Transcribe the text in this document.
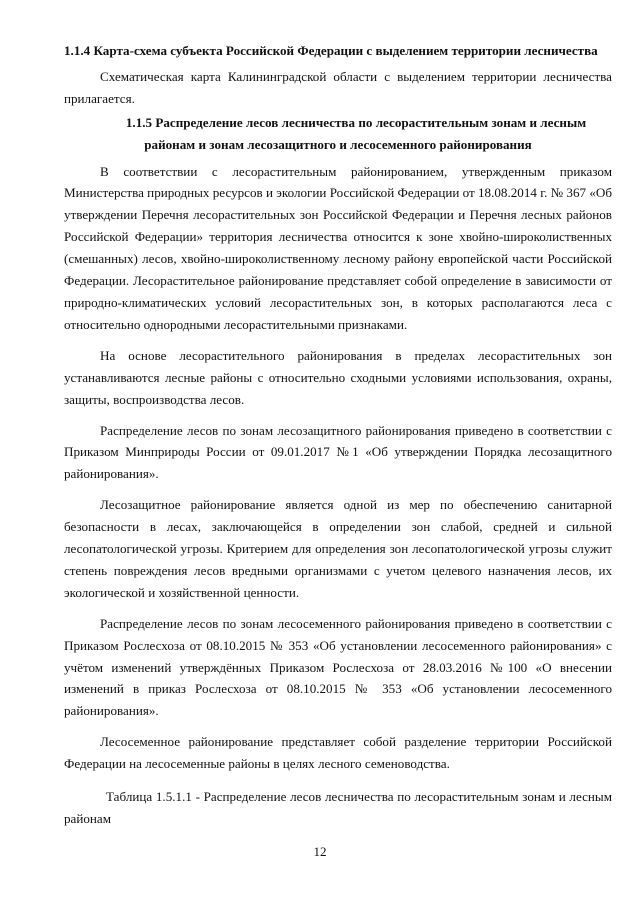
1.1.4 Карта-схема субъекта Российской Федерации с выделением территории лесничества

Схематическая карта Калининградской области с выделением территории лесничества прилагается.

1.1.5 Распределение лесов лесничества по лесорастительным зонам и лесным районам и зонам лесозащитного и лесосеменного районирования

В соответствии с лесорастительным районированием, утвержденным приказом Министерства природных ресурсов и экологии Российской Федерации от 18.08.2014 г. № 367 «Об утверждении Перечня лесорастительных зон Российской Федерации и Перечня лесных районов Российской Федерации» территория лесничества относится к зоне хвойно-широколиственных (смешанных) лесов, хвойно-широколиственному лесному району европейской части Российской Федерации. Лесорастительное районирование представляет собой определение в зависимости от природно-климатических условий лесорастительных зон, в которых располагаются леса с относительно однородными лесорастительными признаками.

На основе лесорастительного районирования в пределах лесорастительных зон устанавливаются лесные районы с относительно сходными условиями использования, охраны, защиты, воспроизводства лесов.

Распределение лесов по зонам лесозащитного районирования приведено в соответствии с Приказом Минприроды России от 09.01.2017 №1 «Об утверждении Порядка лесозащитного районирования».

Лесозащитное районирование является одной из мер по обеспечению санитарной безопасности в лесах, заключающейся в определении зон слабой, средней и сильной лесопатологической угрозы. Критерием для определения зон лесопатологической угрозы служит степень повреждения лесов вредными организмами с учетом целевого назначения лесов, их экологической и хозяйственной ценности.

Распределение лесов по зонам лесосеменного районирования приведено в соответствии с Приказом Рослесхоза от 08.10.2015 № 353 «Об установлении лесосеменного районирования» с учётом изменений утверждённых Приказом Рослесхоза от 28.03.2016 №100 «О внесении изменений в приказ Рослесхоза от 08.10.2015 № 353 «Об установлении лесосеменного районирования».

Лесосеменное районирование представляет собой разделение территории Российской Федерации на лесосеменные районы в целях лесного семеноводства.

Таблица 1.5.1.1 - Распределение лесов лесничества по лесорастительным зонам и лесным районам

12
